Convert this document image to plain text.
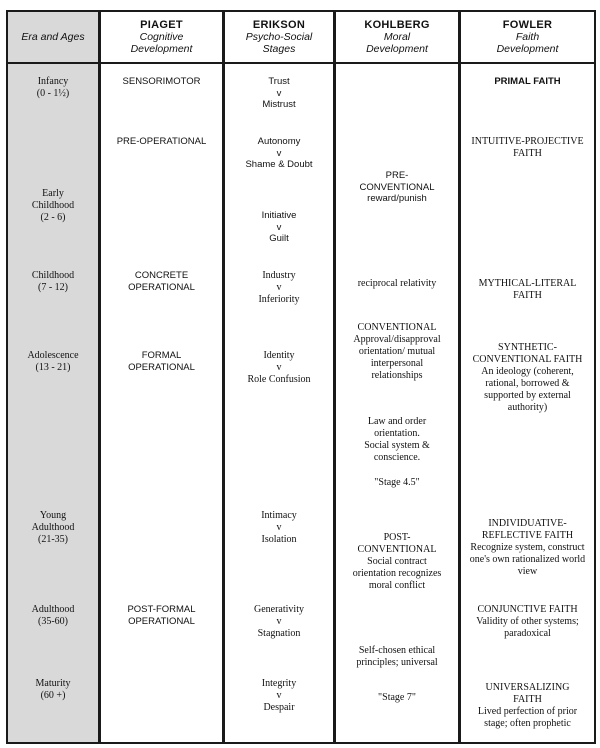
Era and Ages
Infancy
(0 - 1½)
Early
Childhood
(2 - 6)
Childhood
(7 - 12)
Adolescence
(13 - 21)
Young
Adulthood
(21-35)
Adulthood
(35-60)
Maturity
(60 +)
PIAGET
Cognitive
Development
SENSORIMOTOR
PRE-OPERATIONAL
CONCRETE
OPERATIONAL
FORMAL
OPERATIONAL
POST-FORMAL
OPERATIONAL
ERIKSON
Psycho-Social
Stages
Trust
v
Mistrust
Autonomy
v
Shame & Doubt
Initiative
v
Guilt
Industry
v
Inferiority
Identity
v
Role Confusion
Intimacy
v
Isolation
Generativity
v
Stagnation
Integrity
v
Despair
KOHLBERG
Moral
Development
PRE-
CONVENTIONAL
reward/punish
reciprocal relativity
CONVENTIONAL
Approval/disapproval
orientation/ mutual
interpersonal
relationships
Law and order
orientation.
Social system &
conscience.
"Stage 4.5"
POST-
CONVENTIONAL
Social contract
orientation recognizes
moral conflict
Self-chosen ethical
principles; universal
"Stage 7"
FOWLER
Faith
Development
PRIMAL FAITH
INTUITIVE-PROJECTIVE
FAITH
MYTHICAL-LITERAL
FAITH
SYNTHETIC-
CONVENTIONAL FAITH
An ideology (coherent,
rational, borrowed &
supported by external
authority)
INDIVIDUATIVE-
REFLECTIVE FAITH
Recognize system, construct
one's own rationalized world
view
CONJUNCTIVE FAITH
Validity of other systems;
paradoxical
UNIVERSALIZING
FAITH
Lived perfection of prior
stage; often prophetic
